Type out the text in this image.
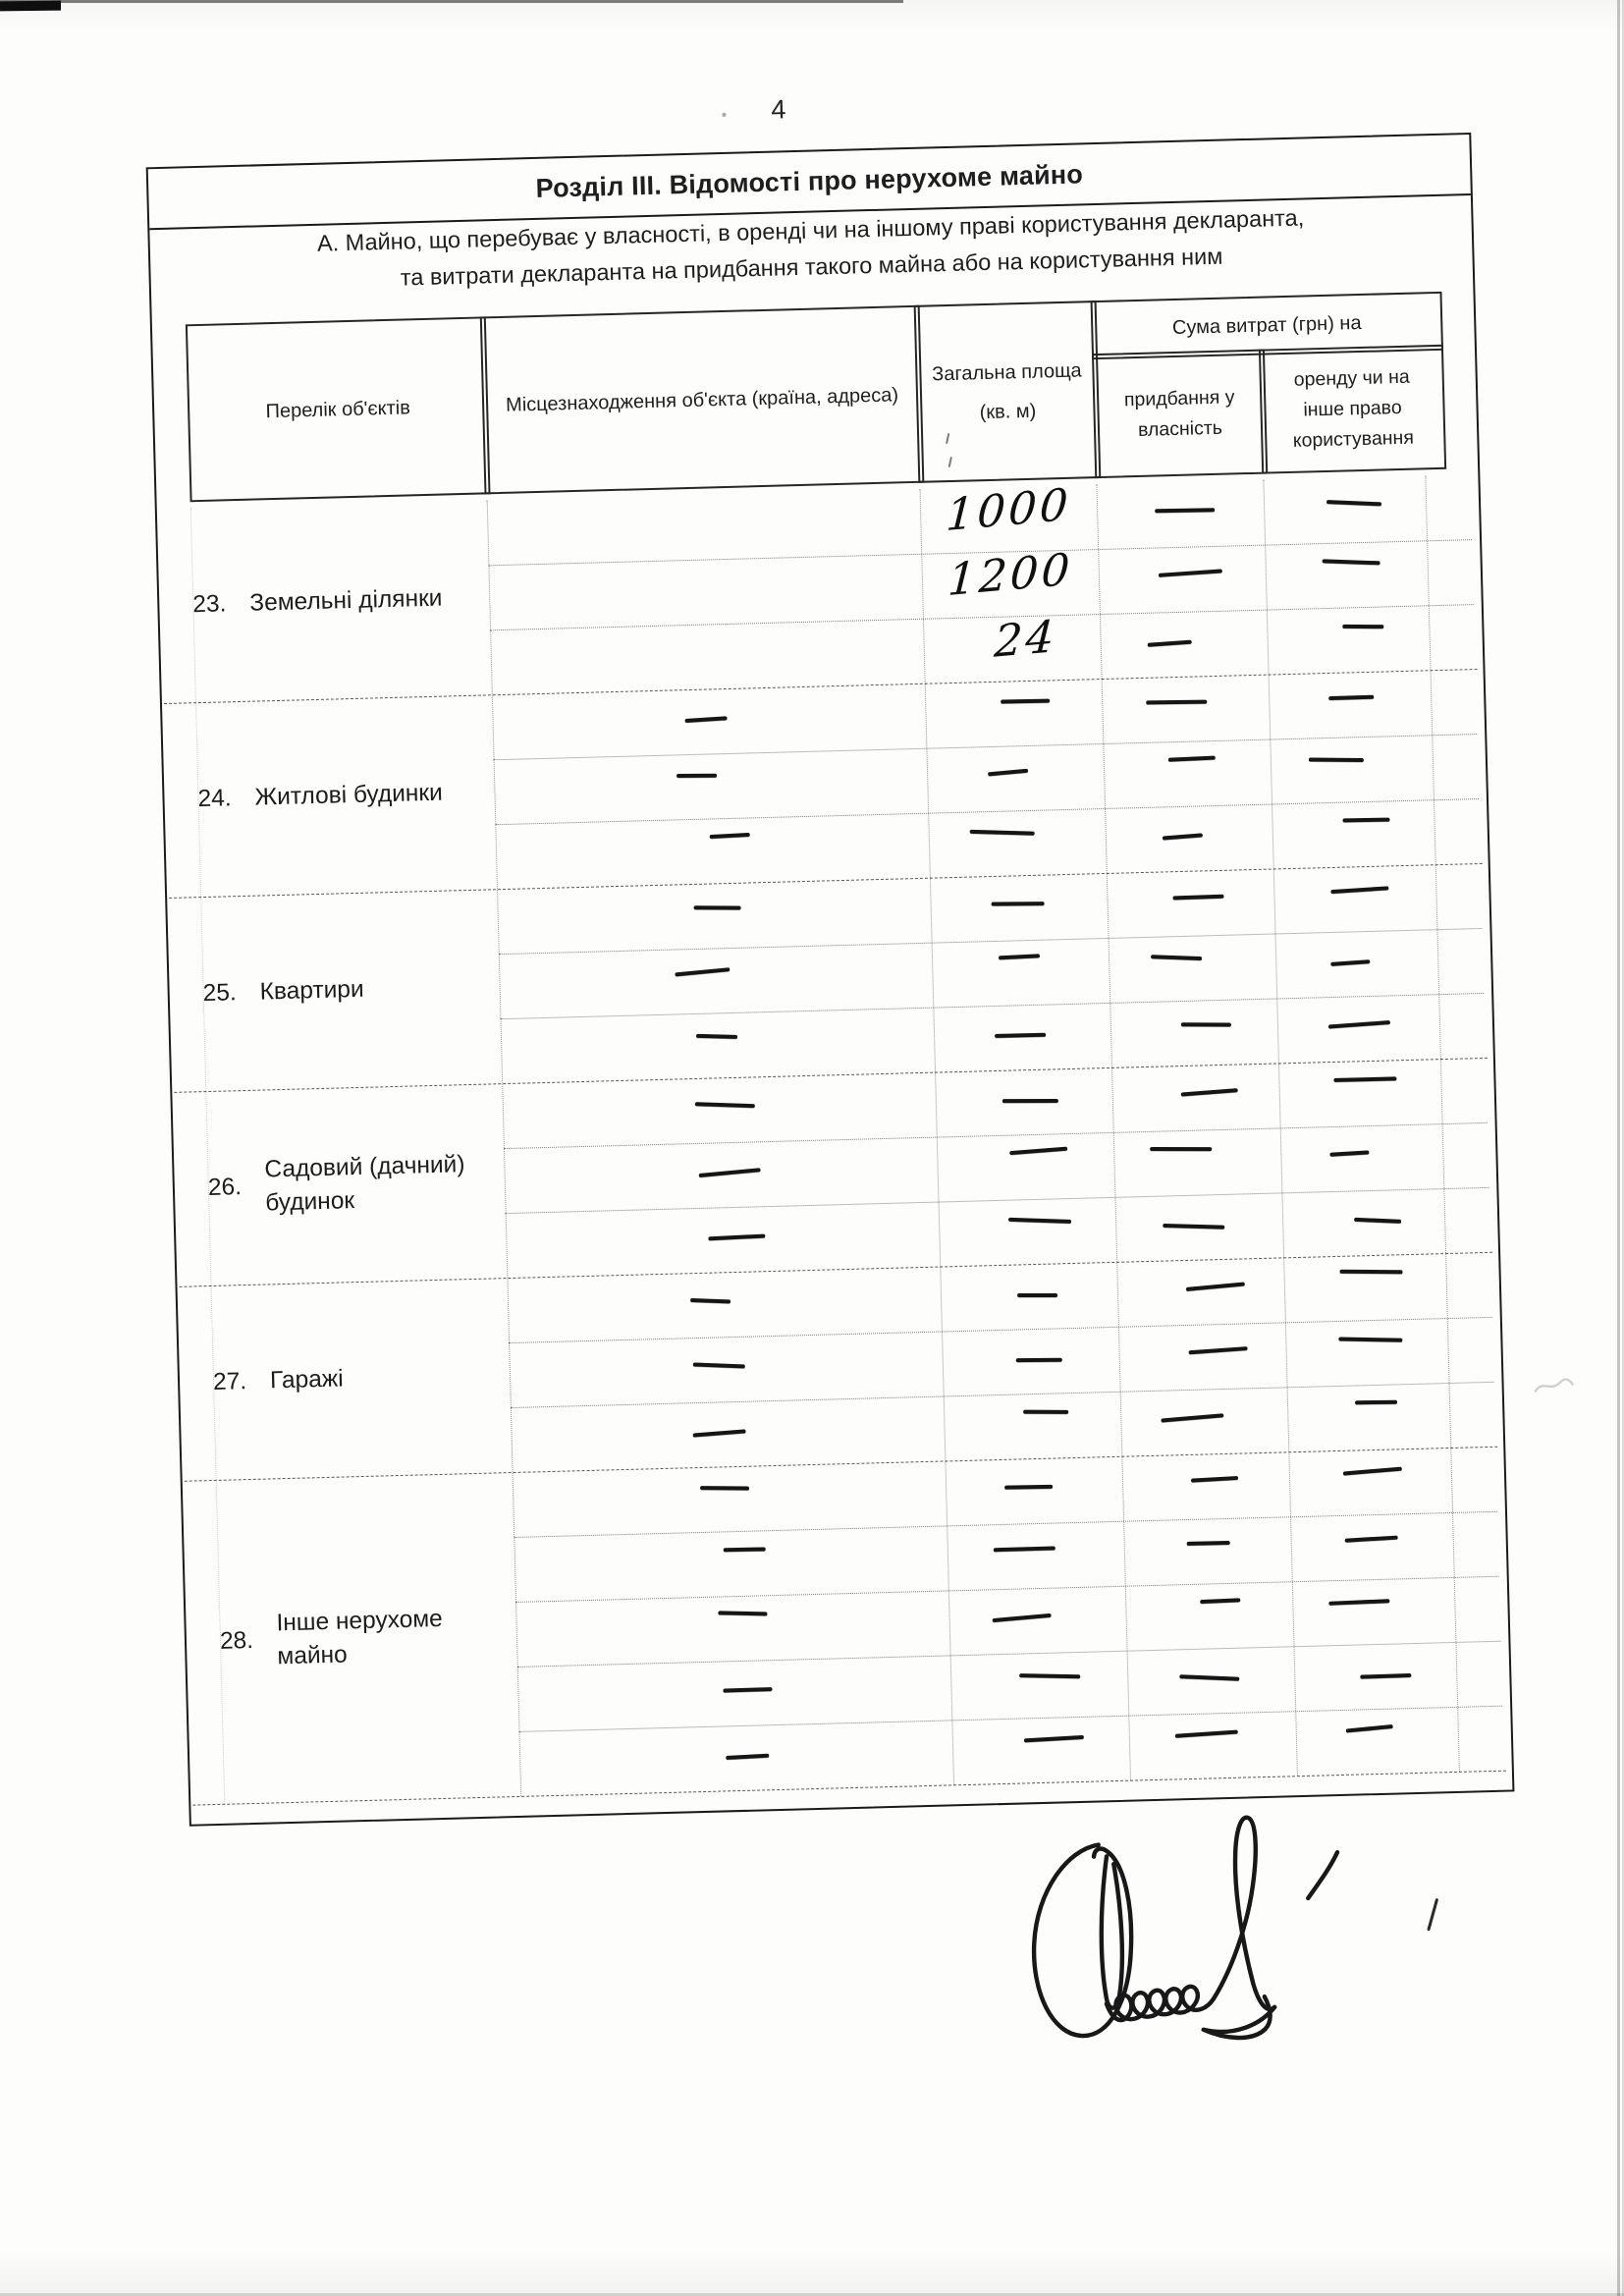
4
Розділ III. Відомості про нерухоме майно
А. Майно, що перебуває у власності, в оренді чи на іншому праві користування декларанта,
та витрати декларанта на придбання такого майна або на користування ним
Перелік об'єктів	Місцезнаходження об'єкта (країна, адреса)
Загальна площа
(кв. м)
Сума витрат (грн) на
придбання у власність
оренду чи на інше право користування
23. Земельні ділянки
1000
1200
24
24. Житлові будинки
25. Квартири
26.
Садовий (дачний) будинок
27. Гаражі
28.
Інше нерухоме майно
